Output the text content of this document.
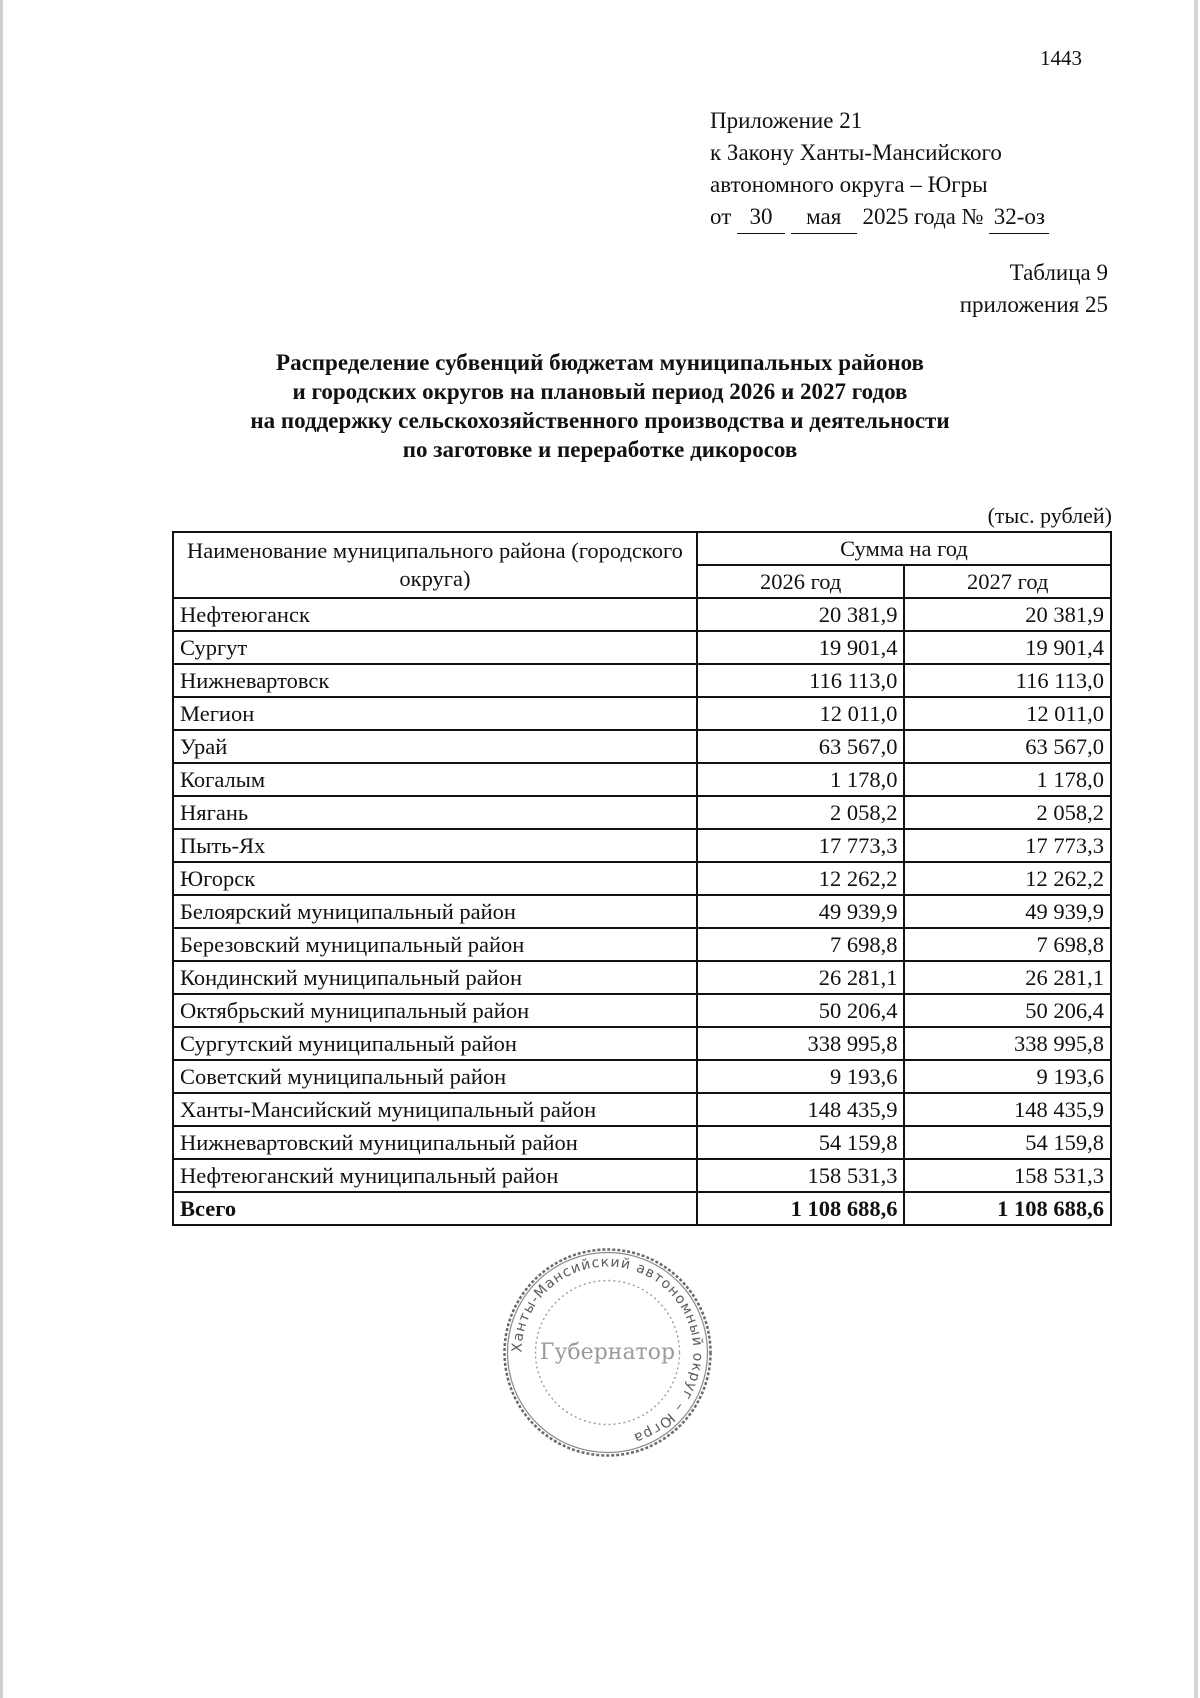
1443
Приложение 21
к Закону Ханты-Мансийского
автономного округа – Югры
от 30 мая 2025 года № 32-оз
Таблица 9
приложения 25
Распределение субвенций бюджетам муниципальных районов
и городских округов на плановый период 2026 и 2027 годов
на поддержку сельскохозяйственного производства и деятельности
по заготовке и переработке дикоросов
(тыс. рублей)
Наименование муниципального района (городского округа)	Сумма на год	
	2026 год	2027 год
Нефтеюганск	20 381,9	20 381,9
Сургут	19 901,4	19 901,4
Нижневартовск	116 113,0	116 113,0
Мегион	12 011,0	12 011,0
Урай	63 567,0	63 567,0
Когалым	1 178,0	1 178,0
Нягань	2 058,2	2 058,2
Пыть-Ях	17 773,3	17 773,3
Югорск	12 262,2	12 262,2
Белоярский муниципальный район	49 939,9	49 939,9
Березовский муниципальный район	7 698,8	7 698,8
Кондинский муниципальный район	26 281,1	26 281,1
Октябрьский муниципальный район	50 206,4	50 206,4
Сургутский муниципальный район	338 995,8	338 995,8
Советский муниципальный район	9 193,6	9 193,6
Ханты-Мансийский муниципальный район	148 435,9	148 435,9
Нижневартовский муниципальный район	54 159,8	54 159,8
Нефтеюганский муниципальный район	158 531,3	158 531,3
Всего	1 108 688,6	1 108 688,6
Ханты-Мансийский автономный округ – Югра
Губернатор
